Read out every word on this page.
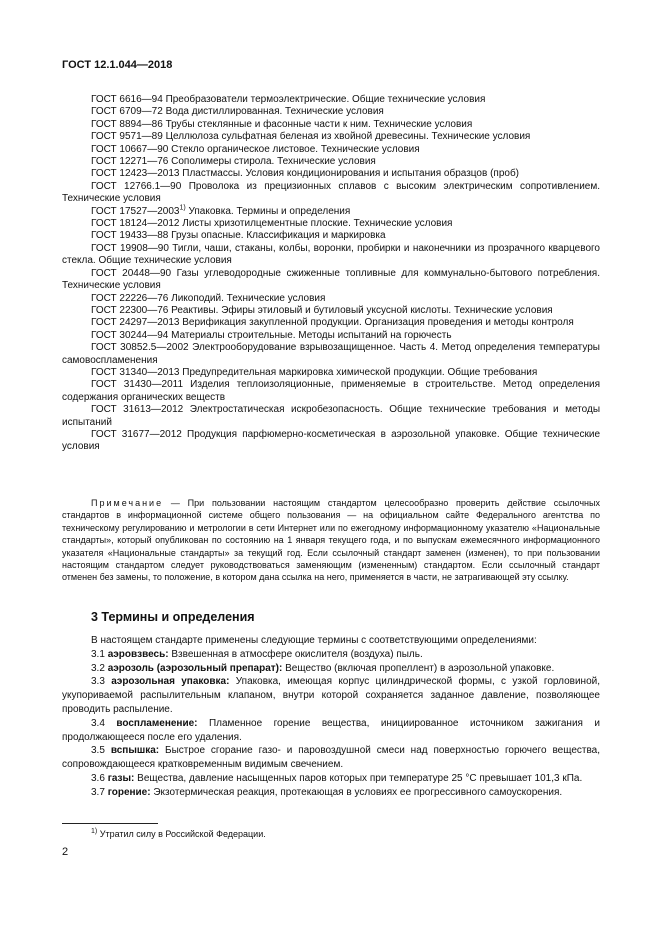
ГОСТ 12.1.044—2018
ГОСТ 6616—94 Преобразователи термоэлектрические. Общие технические условия
ГОСТ 6709—72 Вода дистиллированная. Технические условия
ГОСТ 8894—86 Трубы стеклянные и фасонные части к ним. Технические условия
ГОСТ 9571—89 Целлюлоза сульфатная беленая из хвойной древесины. Технические условия
ГОСТ 10667—90 Стекло органическое листовое. Технические условия
ГОСТ 12271—76 Сополимеры стирола. Технические условия
ГОСТ 12423—2013 Пластмассы. Условия кондиционирования и испытания образцов (проб)
ГОСТ 12766.1—90 Проволока из прецизионных сплавов с высоким электрическим сопротивлением. Технические условия
ГОСТ 17527—2003$^{1)}$ Упаковка. Термины и определения
ГОСТ 18124—2012 Листы хризотилцементные плоские. Технические условия
ГОСТ 19433—88 Грузы опасные. Классификация и маркировка
ГОСТ 19908—90 Тигли, чаши, стаканы, колбы, воронки, пробирки и наконечники из прозрачного кварцевого стекла. Общие технические условия
ГОСТ 20448—90 Газы углеводородные сжиженные топливные для коммунально-бытового потребления. Технические условия
ГОСТ 22226—76 Ликоподий. Технические условия
ГОСТ 22300—76 Реактивы. Эфиры этиловый и бутиловый уксусной кислоты. Технические условия
ГОСТ 24297—2013 Верификация закупленной продукции. Организация проведения и методы контроля
ГОСТ 30244—94 Материалы строительные. Методы испытаний на горючесть
ГОСТ 30852.5—2002 Электрооборудование взрывозащищенное. Часть 4. Метод определения температуры самовоспламенения
ГОСТ 31340—2013 Предупредительная маркировка химической продукции. Общие требования
ГОСТ 31430—2011 Изделия теплоизоляционные, применяемые в строительстве. Метод определения содержания органических веществ
ГОСТ 31613—2012 Электростатическая искробезопасность. Общие технические требования и методы испытаний
ГОСТ 31677—2012 Продукция парфюмерно-косметическая в аэрозольной упаковке. Общие технические условия
Примечание — При пользовании настоящим стандартом целесообразно проверить действие ссылочных стандартов в информационной системе общего пользования — на официальном сайте Федерального агентства по техническому регулированию и метрологии в сети Интернет или по ежегодному информационному указателю «Национальные стандарты», который опубликован по состоянию на 1 января текущего года, и по выпускам ежемесячного информационного указателя «Национальные стандарты» за текущий год. Если ссылочный стандарт заменен (изменен), то при пользовании настоящим стандартом следует руководствоваться заменяющим (измененным) стандартом. Если ссылочный стандарт отменен без замены, то положение, в котором дана ссылка на него, применяется в части, не затрагивающей эту ссылку.
3 Термины и определения
В настоящем стандарте применены следующие термины с соответствующими определениями:
3.1 аэровзвесь: Взвешенная в атмосфере окислителя (воздуха) пыль.
3.2 аэрозоль (аэрозольный препарат): Вещество (включая пропеллент) в аэрозольной упаковке.
3.3 аэрозольная упаковка: Упаковка, имеющая корпус цилиндрической формы, с узкой горловиной, укупориваемой распылительным клапаном, внутри которой сохраняется заданное давление, позволяющее проводить распыление.
3.4 воспламенение: Пламенное горение вещества, инициированное источником зажигания и продолжающееся после его удаления.
3.5 вспышка: Быстрое сгорание газо- и паровоздушной смеси над поверхностью горючего вещества, сопровождающееся кратковременным видимым свечением.
3.6 газы: Вещества, давление насыщенных паров которых при температуре 25 °C превышает 101,3 кПа.
3.7 горение: Экзотермическая реакция, протекающая в условиях ее прогрессивного самоускорения.
$^{1)}$ Утратил силу в Российской Федерации.
2
